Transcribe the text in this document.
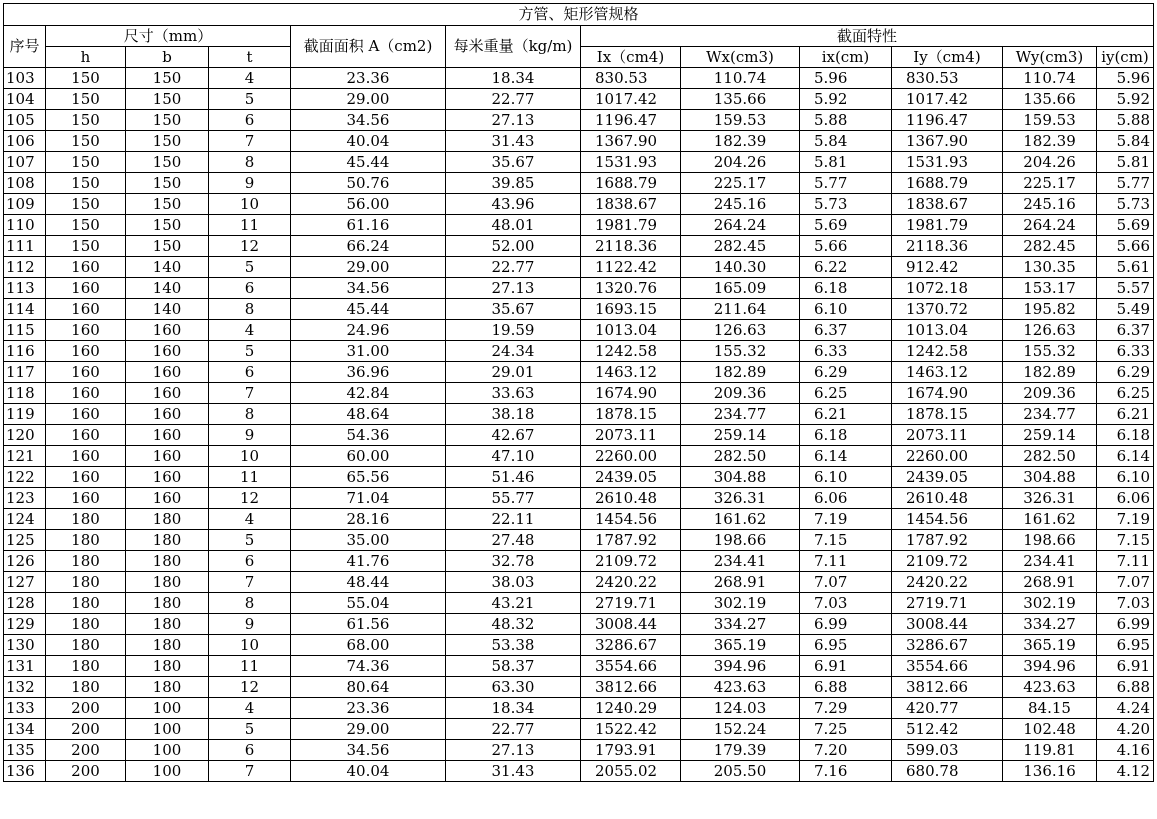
方管、矩形管规格											
序号	尺寸（mm）			截面面积 A（cm2)	每米重量（kg/m)	截面特性					
	h	b	t			Ix（cm4)	Wx(cm3)	ix(cm)	Iy（cm4)	Wy(cm3)	iy(cm)
103	150	150	4	23.36	18.34	830.53	110.74	5.96	830.53	110.74	5.96
104	150	150	5	29.00	22.77	1017.42	135.66	5.92	1017.42	135.66	5.92
105	150	150	6	34.56	27.13	1196.47	159.53	5.88	1196.47	159.53	5.88
106	150	150	7	40.04	31.43	1367.90	182.39	5.84	1367.90	182.39	5.84
107	150	150	8	45.44	35.67	1531.93	204.26	5.81	1531.93	204.26	5.81
108	150	150	9	50.76	39.85	1688.79	225.17	5.77	1688.79	225.17	5.77
109	150	150	10	56.00	43.96	1838.67	245.16	5.73	1838.67	245.16	5.73
110	150	150	11	61.16	48.01	1981.79	264.24	5.69	1981.79	264.24	5.69
111	150	150	12	66.24	52.00	2118.36	282.45	5.66	2118.36	282.45	5.66
112	160	140	5	29.00	22.77	1122.42	140.30	6.22	912.42	130.35	5.61
113	160	140	6	34.56	27.13	1320.76	165.09	6.18	1072.18	153.17	5.57
114	160	140	8	45.44	35.67	1693.15	211.64	6.10	1370.72	195.82	5.49
115	160	160	4	24.96	19.59	1013.04	126.63	6.37	1013.04	126.63	6.37
116	160	160	5	31.00	24.34	1242.58	155.32	6.33	1242.58	155.32	6.33
117	160	160	6	36.96	29.01	1463.12	182.89	6.29	1463.12	182.89	6.29
118	160	160	7	42.84	33.63	1674.90	209.36	6.25	1674.90	209.36	6.25
119	160	160	8	48.64	38.18	1878.15	234.77	6.21	1878.15	234.77	6.21
120	160	160	9	54.36	42.67	2073.11	259.14	6.18	2073.11	259.14	6.18
121	160	160	10	60.00	47.10	2260.00	282.50	6.14	2260.00	282.50	6.14
122	160	160	11	65.56	51.46	2439.05	304.88	6.10	2439.05	304.88	6.10
123	160	160	12	71.04	55.77	2610.48	326.31	6.06	2610.48	326.31	6.06
124	180	180	4	28.16	22.11	1454.56	161.62	7.19	1454.56	161.62	7.19
125	180	180	5	35.00	27.48	1787.92	198.66	7.15	1787.92	198.66	7.15
126	180	180	6	41.76	32.78	2109.72	234.41	7.11	2109.72	234.41	7.11
127	180	180	7	48.44	38.03	2420.22	268.91	7.07	2420.22	268.91	7.07
128	180	180	8	55.04	43.21	2719.71	302.19	7.03	2719.71	302.19	7.03
129	180	180	9	61.56	48.32	3008.44	334.27	6.99	3008.44	334.27	6.99
130	180	180	10	68.00	53.38	3286.67	365.19	6.95	3286.67	365.19	6.95
131	180	180	11	74.36	58.37	3554.66	394.96	6.91	3554.66	394.96	6.91
132	180	180	12	80.64	63.30	3812.66	423.63	6.88	3812.66	423.63	6.88
133	200	100	4	23.36	18.34	1240.29	124.03	7.29	420.77	84.15	4.24
134	200	100	5	29.00	22.77	1522.42	152.24	7.25	512.42	102.48	4.20
135	200	100	6	34.56	27.13	1793.91	179.39	7.20	599.03	119.81	4.16
136	200	100	7	40.04	31.43	2055.02	205.50	7.16	680.78	136.16	4.12
